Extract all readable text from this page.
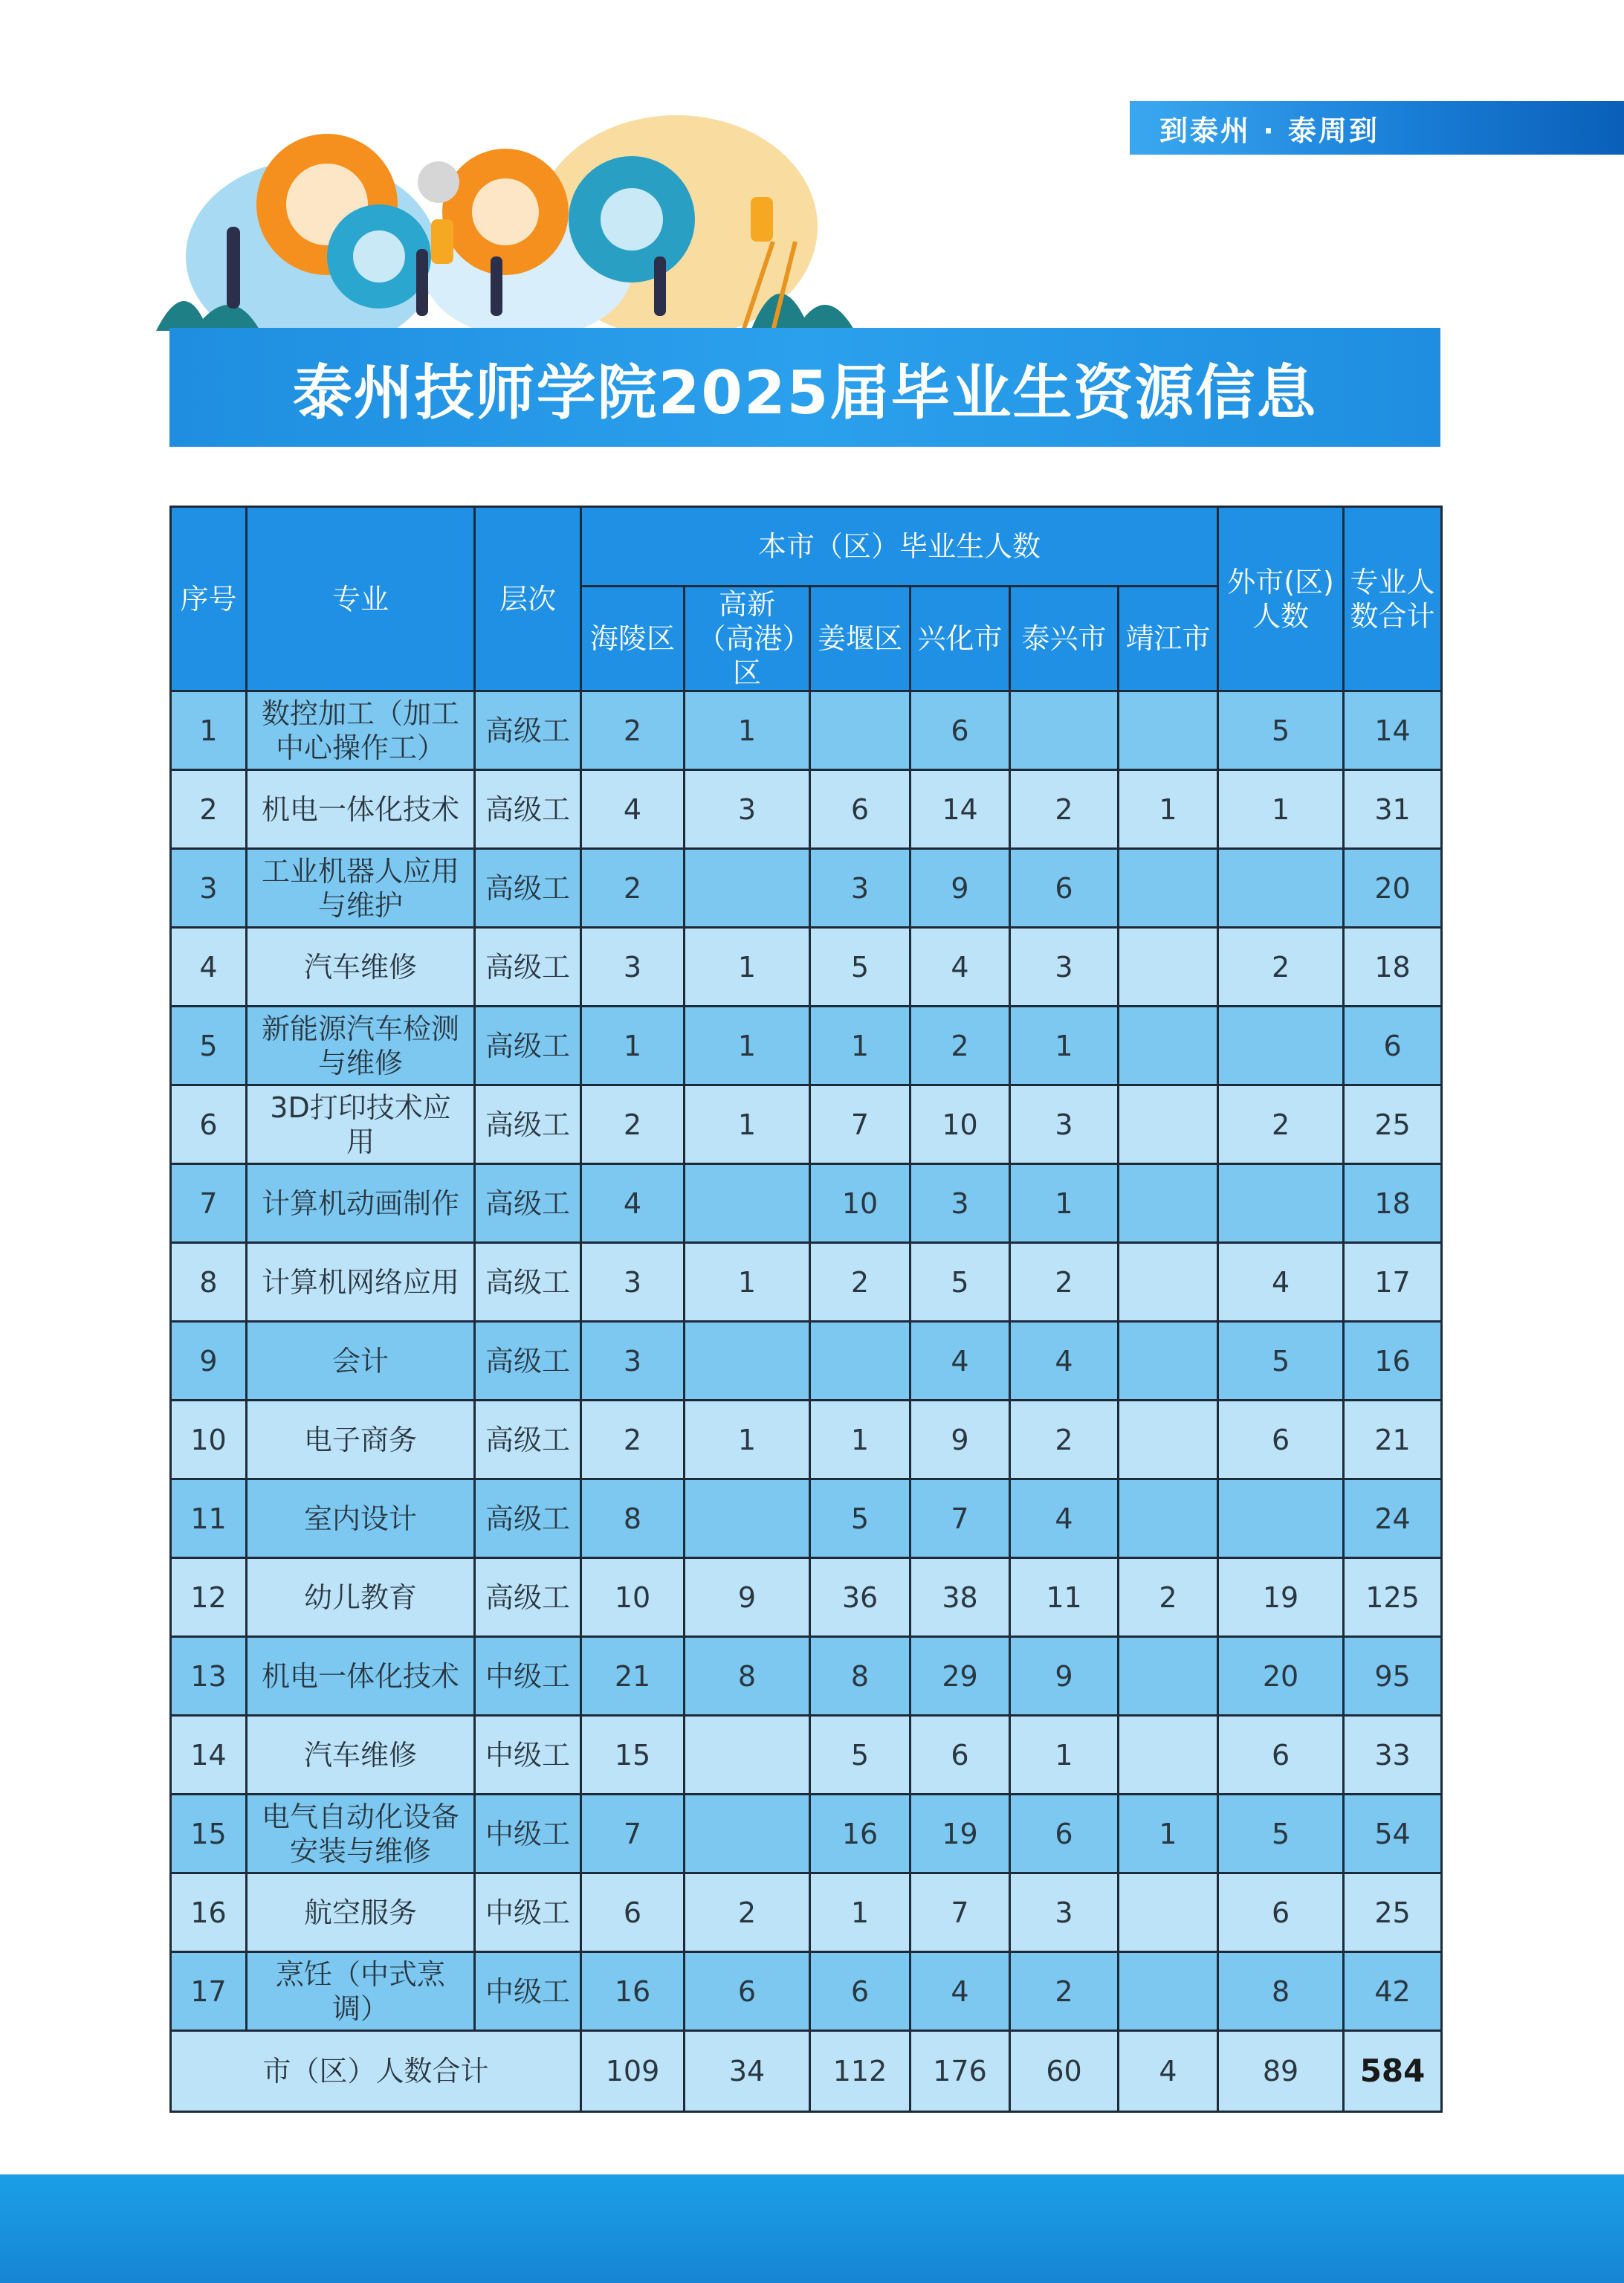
到泰州 · 泰周到
泰州技师学院2025届毕业生资源信息
序号	专业	层次	本市（区）毕业生人数						外市(区)人数	专业人数合计
			海陵区	高新（高港）区	姜堰区	兴化市	泰兴市	靖江市		
1	数控加工（加工中心操作工）	高级工	2	1		6			5	14
2	机电一体化技术	高级工	4	3	6	14	2	1	1	31
3	工业机器人应用与维护	高级工	2		3	9	6			20
4	汽车维修	高级工	3	1	5	4	3		2	18
5	新能源汽车检测与维修	高级工	1	1	1	2	1			6
6	3D打印技术应用	高级工	2	1	7	10	3		2	25
7	计算机动画制作	高级工	4		10	3	1			18
8	计算机网络应用	高级工	3	1	2	5	2		4	17
9	会计	高级工	3			4	4		5	16
10	电子商务	高级工	2	1	1	9	2		6	21
11	室内设计	高级工	8		5	7	4			24
12	幼儿教育	高级工	10	9	36	38	11	2	19	125
13	机电一体化技术	中级工	21	8	8	29	9		20	95
14	汽车维修	中级工	15		5	6	1		6	33
15	电气自动化设备安装与维修	中级工	7		16	19	6	1	5	54
16	航空服务	中级工	6	2	1	7	3		6	25
17	烹饪（中式烹调）	中级工	16	6	6	4	2		8	42
市（区）人数合计			109	34	112	176	60	4	89	584
